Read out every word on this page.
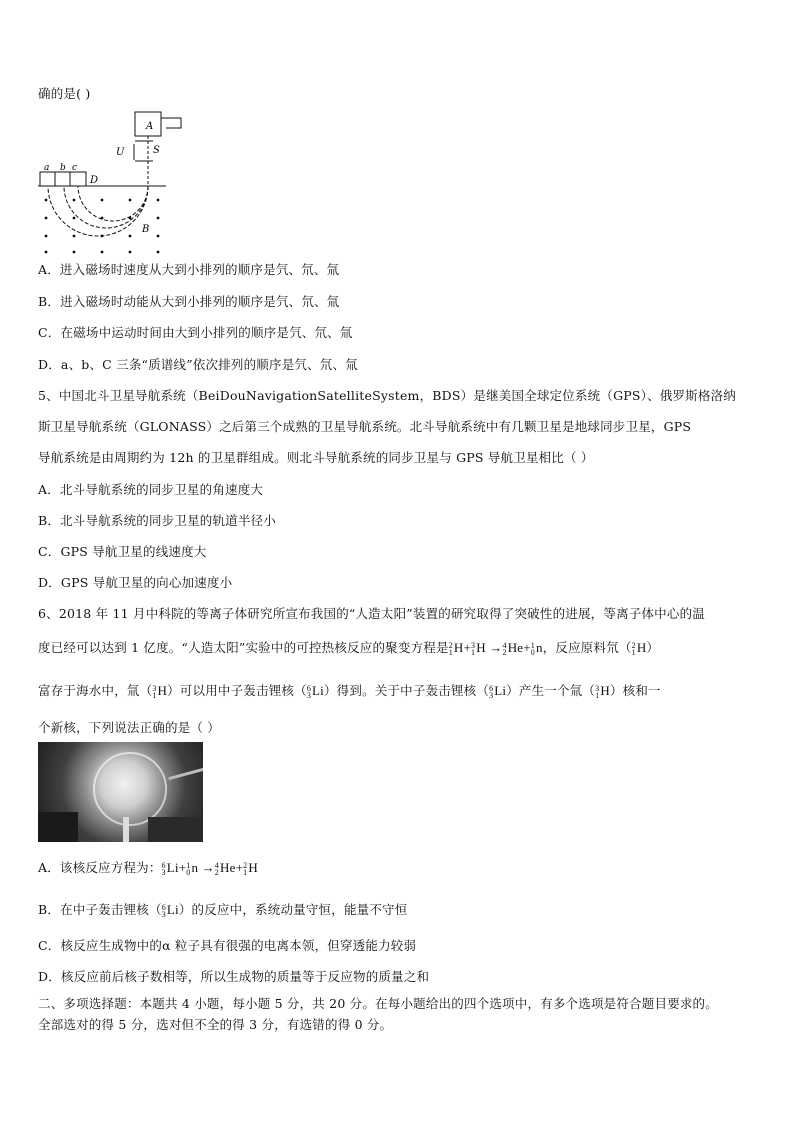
确的是( )
A
U	S
a b c
D
B
A．进入磁场时速度从大到小排列的顺序是氕、氘、氚
B．进入磁场时动能从大到小排列的顺序是氕、氘、氚
C．在磁场中运动时间由大到小排列的顺序是氕、氘、氚
D．a、b、C 三条“质谱线”依次排列的顺序是氕、氘、氚
5、中国北斗卫星导航系统（BeiDouNavigationSatelliteSystem，BDS）是继美国全球定位系统（GPS）、俄罗斯格洛纳
斯卫星导航系统（GLONASS）之后第三个成熟的卫星导航系统。北斗导航系统中有几颗卫星是地球同步卫星，GPS
导航系统是由周期约为 12h 的卫星群组成。则北斗导航系统的同步卫星与 GPS 导航卫星相比（ ）
A．北斗导航系统的同步卫星的角速度大
B．北斗导航系统的同步卫星的轨道半径小
C．GPS 导航卫星的线速度大
D．GPS 导航卫星的向心加速度小
6、2018 年 11 月中科院的等离子体研究所宣布我国的“人造太阳”装置的研究取得了突破性的进展，等离子体中心的温
度已经可以达到 1 亿度。“人造太阳”实验中的可控热核反应的聚变方程是 2
1 H+ 3
1 H → 4
2 He+ 1
0 n，反应原料氘（ 2
1 H）
富存于海水中，氚（ 3
1 H）可以用中子轰击锂核（ 6
3 Li）得到。关于中子轰击锂核（ 6
3 Li）产生一个氚（ 3
1 H）核和一
个新核，下列说法正确的是（ ）
A．该核反应方程为： 6
3 Li+ 1
0 n → 4
2 He+ 2
1 H
B．在中子轰击锂核（ 6
3 Li）的反应中，系统动量守恒，能量不守恒
C．核反应生成物中的α 粒子具有很强的电离本领，但穿透能力较弱
D．核反应前后核子数相等，所以生成物的质量等于反应物的质量之和
二、多项选择题：本题共 4 小题，每小题 5 分，共 20 分。在每小题给出的四个选项中，有多个选项是符合题目要求的。
全部选对的得 5 分，选对但不全的得 3 分，有选错的得 0 分。
